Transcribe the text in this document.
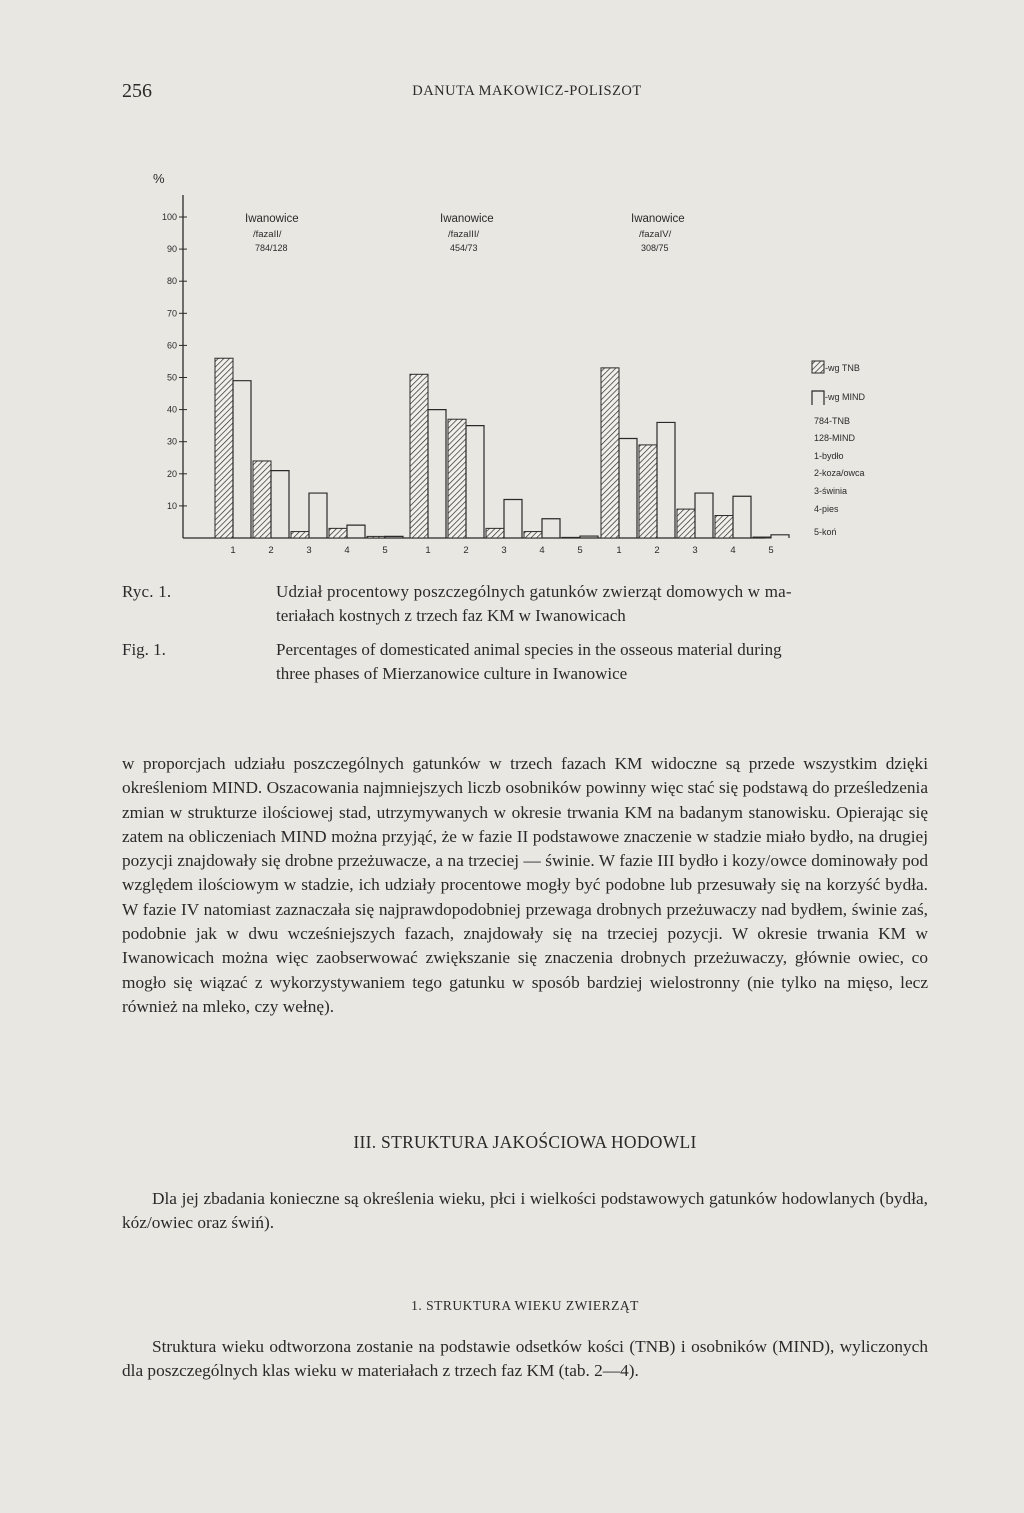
256	DANUTA MAKOWICZ-POLISZOT
%
10
20
30
40
50
60
70
80
90
100	Iwanowice
/fazaII/
784/128
1	2	3	4	5
Iwanowice
/fazaIII/
454/73
1	2	3	4	5
Iwanowice
/fazaIV/
308/75
1	2	3	4	5
-wg TNB
-wg MIND
784-TNB
128-MIND
1-bydło
2-koza/owca
3-świnia
4-pies
5-koń
Ryc. 1.	Udział procentowy poszczególnych gatunków zwierząt domowych w ma-
teriałach kostnych z trzech faz KM w Iwanowicach
Fig. 1.	Percentages of domesticated animal species in the osseous material during
three phases of Mierzanowice culture in Iwanowice

w proporcjach udziału poszczególnych gatunków w trzech fazach KM widoczne są przede wszystkim dzięki określeniom MIND. Oszacowania najmniejszych liczb osobników powinny więc stać się podstawą do prześledzenia zmian w strukturze ilościowej stad, utrzymywanych w okresie trwania KM na badanym stanowisku. Opierając się zatem na obliczeniach MIND można przyjąć, że w fazie II podstawowe znaczenie w stadzie miało bydło, na drugiej pozycji znajdowały się drobne przeżuwacze, a na trzeciej — świnie. W fazie III bydło i kozy/owce dominowały pod względem ilościowym w stadzie, ich udziały procentowe mogły być podobne lub przesuwały się na korzyść bydła. W fazie IV natomiast zaznaczała się najprawdopodobniej przewaga drobnych przeżuwaczy nad bydłem, świnie zaś, podobnie jak w dwu wcześniejszych fazach, znajdowały się na trzeciej pozycji. W okresie trwania KM w Iwanowicach można więc zaobserwować zwiększanie się znaczenia drobnych przeżuwaczy, głównie owiec, co mogło się wiązać z wykorzystywaniem tego gatunku w sposób bardziej wielostronny (nie tylko na mięso, lecz również na mleko, czy wełnę).

III. STRUKTURA JAKOŚCIOWA HODOWLI

Dla jej zbadania konieczne są określenia wieku, płci i wielkości podstawowych gatunków hodowlanych (bydła, kóz/owiec oraz świń).

1. STRUKTURA WIEKU ZWIERZĄT

Struktura wieku odtworzona zostanie na podstawie odsetków kości (TNB) i osobników (MIND), wyliczonych dla poszczególnych klas wieku w materiałach z trzech faz KM (tab. 2—4).
